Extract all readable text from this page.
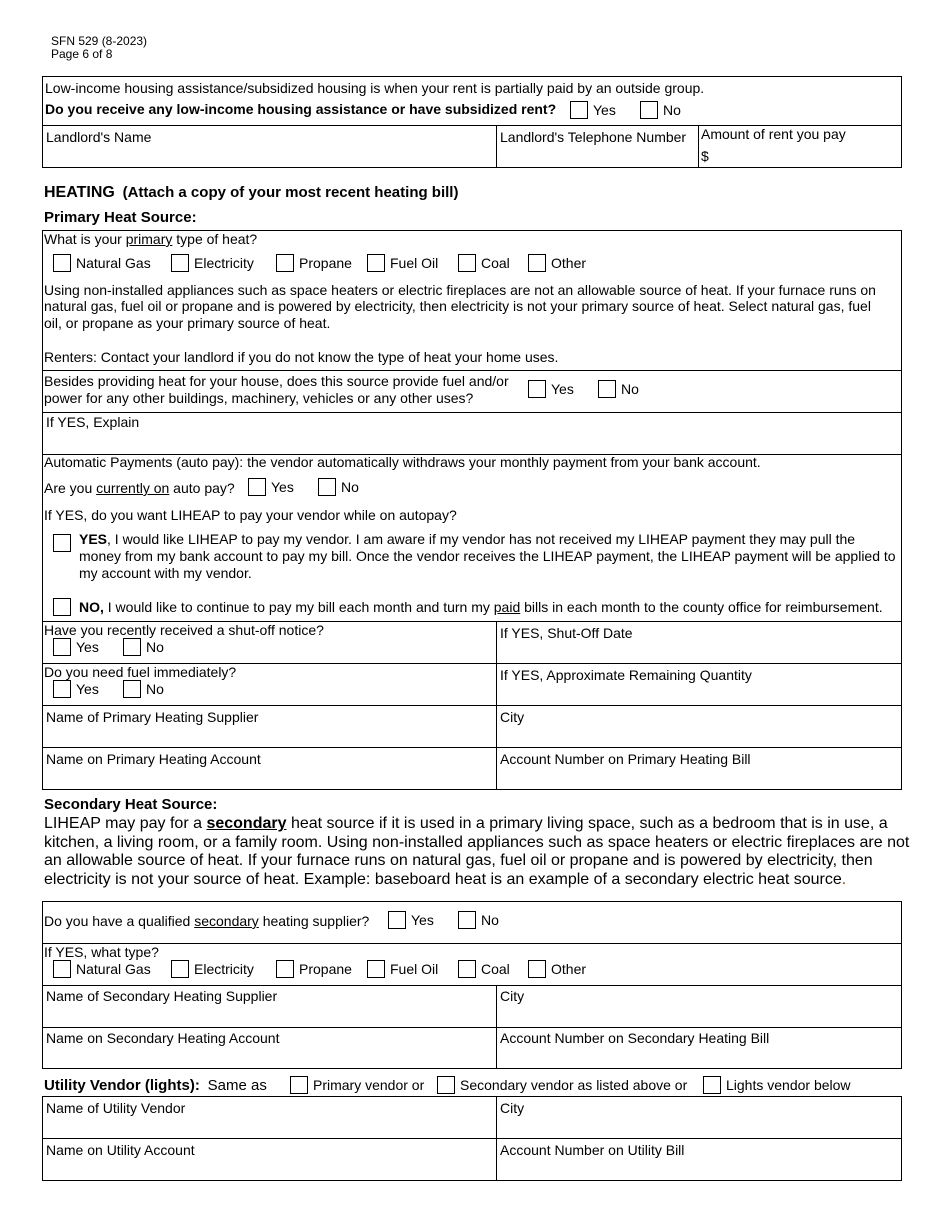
SFN 529 (8-2023)
Page 6 of 8
Low-income housing assistance/subsidized housing is when your rent is partially paid by an outside group.
Do you receive any low-income housing assistance or have subsidized rent?	Yes	No
Landlord's Name	Landlord's Telephone Number Amount of rent you pay
$
HEATING (Attach a copy of your most recent heating bill)
Primary Heat Source:
What is your primary type of heat?
Natural Gas	Electricity	Propane	Fuel Oil	Coal	Other
Using non-installed appliances such as space heaters or electric fireplaces are not an allowable source of heat. If your furnace runs on
natural gas, fuel oil or propane and is powered by electricity, then electricity is not your primary source of heat. Select natural gas, fuel
oil, or propane as your primary source of heat.
Renters: Contact your landlord if you do not know the type of heat your home uses.
Besides providing heat for your house, does this source provide fuel and/or
power for any other buildings, machinery, vehicles or any other uses?
Yes	No
If YES, Explain
Automatic Payments (auto pay): the vendor automatically withdraws your monthly payment from your bank account.
Are you currently on auto pay?	Yes	No
If YES, do you want LIHEAP to pay your vendor while on autopay?
YES, I would like LIHEAP to pay my vendor. I am aware if my vendor has not received my LIHEAP payment they may pull the
money from my bank account to pay my bill. Once the vendor receives the LIHEAP payment, the LIHEAP payment will be applied to
my account with my vendor.
NO, I would like to continue to pay my bill each month and turn my paid bills in each month to the county office for reimbursement.
Have you recently received a shut-off notice?
Yes	No
If YES, Shut-Off Date
Do you need fuel immediately?
Yes	No
If YES, Approximate Remaining Quantity
Name of Primary Heating Supplier	City
Name on Primary Heating Account	Account Number on Primary Heating Bill
Secondary Heat Source:
LIHEAP may pay for a secondary heat source if it is used in a primary living space, such as a bedroom that is in use, a
kitchen, a living room, or a family room. Using non-installed appliances such as space heaters or electric fireplaces are not
an allowable source of heat. If your furnace runs on natural gas, fuel oil or propane and is powered by electricity, then
electricity is not your source of heat. Example: baseboard heat is an example of a secondary electric heat source.
Do you have a qualified secondary heating supplier?	Yes	No
If YES, what type?
Natural Gas	Electricity	Propane	Fuel Oil	Coal	Other
Name of Secondary Heating Supplier	City
Name on Secondary Heating Account	Account Number on Secondary Heating Bill
Utility Vendor (lights): Same as	Primary vendor or	Secondary vendor as listed above or	Lights vendor below
Name of Utility Vendor	City
Name on Utility Account	Account Number on Utility Bill
